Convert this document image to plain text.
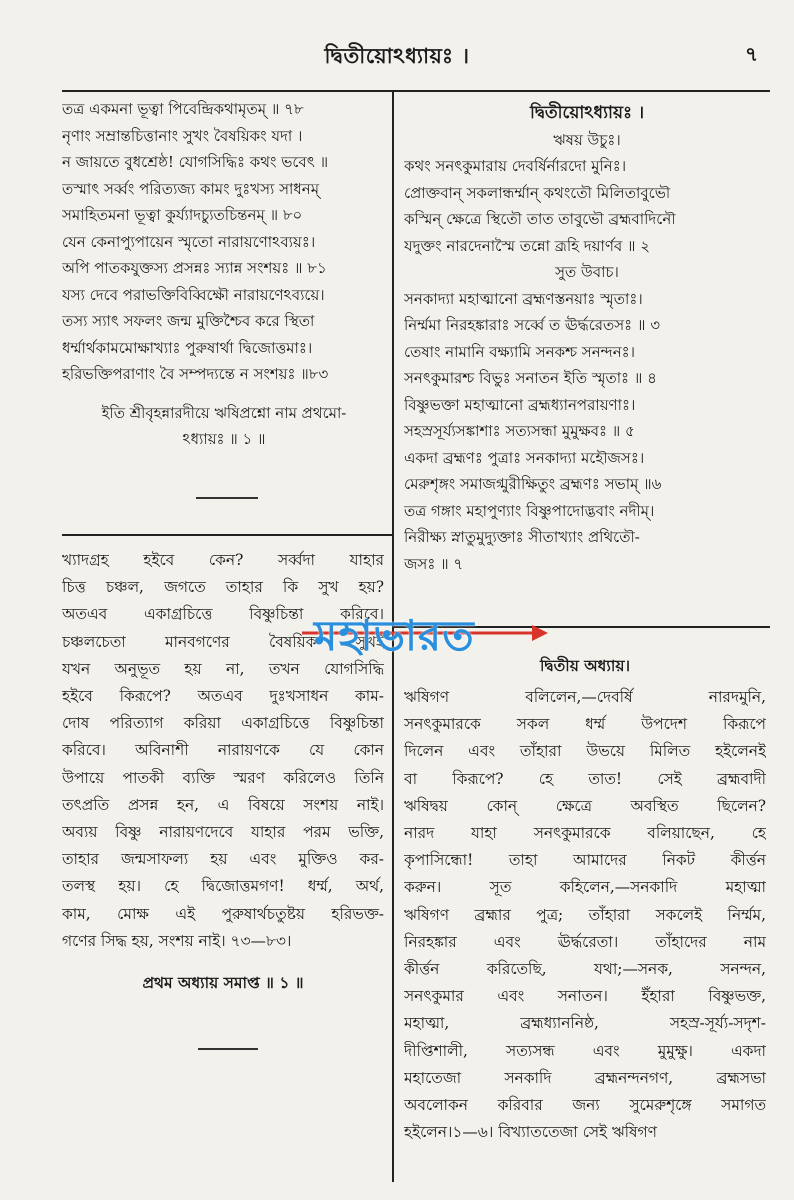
দ্বিতীয়োঽধ্যায়ঃ ।	৭
তত্র একমনা ভূত্বা পিবেন্দ্ৰিকথামৃতম্ ॥ ৭৮
নৃণাং সম্রান্তচিত্তানাং সুখং বৈষয়িকং যদা ।
ন জায়তে বুধশ্রেষ্ঠ! যোগসিদ্ধিঃ কথং ভবেৎ ॥
তস্মাৎ সর্ব্বং পরিত্যজ্য কামং দুঃখস্য সাধনম্
সমাহিতমনা ভূত্বা কুৰ্য্যাদচ্যুতচিন্তনম্ ॥ ৮০
যেন কেনাপ্যুপায়েন স্মৃতো নারায়ণোঽব্যয়ঃ।
অপি পাতকযুক্তস্য প্রসন্নঃ স্যান্ন সংশয়ঃ ॥ ৮১
যস্য দেবে পরাভক্তিবিব্বিক্ষৌ নারায়ণেঽব্যয়ে।
তস্য স্যাৎ সফলং জন্ম মুক্তিশ্চৈব করে স্থিতা
ধর্ম্মার্থকামমোক্ষাখ্যাঃ পুরুষার্থা দ্বিজোত্তমাঃ।
হরিভক্তিপরাণাং বৈ সম্পদ্যন্তে ন সংশয়ঃ ॥৮৩
ইতি শ্রীবৃহন্নারদীয়ে ঋষিপ্রশ্নো নাম প্রথমো-
ঽধ্যায়ঃ ॥ ১ ॥

খ্যাদগ্রহ হইবে কেন? সর্ব্বদা যাহার

চিত্ত চঞ্চল, জগতে তাহার কি সুখ হয়?

অতএব একাগ্রচিত্তে বিষ্ণুচিন্তা করিবে।

চঞ্চলচেতা মানবগণের বৈষয়িক সুখই

যখন অনুভূত হয় না, তখন যোগসিদ্ধি

হইবে কিরূপে? অতএব দুঃখসাধন কাম-

দোষ পরিত্যাগ করিয়া একাগ্রচিত্তে বিষ্ণুচিন্তা

করিবে। অবিনাশী নারায়ণকে যে কোন

উপায়ে পাতকী ব্যক্তি স্মরণ করিলেও তিনি

তৎপ্রতি প্রসন্ন হন, এ বিষয়ে সংশয় নাই।

অব্যয় বিষ্ণু নারায়ণদেবে যাহার পরম ভক্তি,

তাহার জন্মসাফল্য হয় এবং মুক্তিও কর-

তলস্থ হয়। হে দ্বিজোত্তমগণ! ধর্ম্ম, অর্থ,

কাম, মোক্ষ এই পুরুষার্থচতুষ্টয় হরিভক্ত-

গণের সিদ্ধ হয়, সংশয় নাই। ৭৩—৮৩।

প্রথম অধ্যায় সমাপ্ত ॥ ১ ॥
দ্বিতীয়োঽধ্যায়ঃ ।
ঋষয় উচুঃ।
কথং সনৎকুমারায় দেবর্ষির্নারদো মুনিঃ।
প্রোক্তবান্ সকলান্ধর্ম্মান্ কথংতৌ মিলিতাবুভৌ
কস্মিন্ ক্ষেত্রে স্থিতৌ তাত তাবুভৌ ব্রহ্মবাদিনৌ
যদুক্তং নারদেনাস্মৈ তন্নো ব্রূহি দয়ার্ণব ॥ ২
সুত উবাচ।
সনকাদ্যা মহাত্মানো ব্রহ্মণস্তনয়াঃ স্মৃতাঃ।
নির্ম্মমা নিরহঙ্কারাঃ সর্ব্বে ত ঊর্দ্ধরেতসঃ ॥ ৩
তেষাং নামানি বক্ষ্যামি সনকশ্চ সনন্দনঃ।
সনৎকুমারশ্চ বিভুঃ সনাতন ইতি স্মৃতাঃ ॥ ৪
বিষ্ণুভক্তা মহাত্মানো ব্রহ্মধ্যানপরায়ণাঃ।
সহস্রসূর্য্যসঙ্কাশাঃ সত্যসন্ধা মুমুক্ষবঃ ॥ ৫
একদা ব্রহ্মণঃ পুত্রাঃ সনকাদ্যা মহৌজসঃ।
মেরুশৃঙ্গং সমাজগ্মুরীক্ষিতুং ব্রহ্মণঃ সভাম্ ॥৬
তত্র গঙ্গাং মহাপুণ্যাং বিষ্ণুপাদোদ্ভবাং নদীম্।
নিরীক্ষ্য স্নাতুমুদ্যুক্তাঃ সীতাখ্যাং প্রথিতৌ-
জসঃ ॥ ৭
দ্বিতীয় অধ্যায়।

ঋষিগণ বলিলেন,—দেবর্ষি নারদমুনি,

সনৎকুমারকে সকল ধর্ম্ম উপদেশ কিরূপে

দিলেন এবং তাঁহারা উভয়ে মিলিত হইলেনই

বা কিরূপে? হে তাত! সেই ব্রহ্মবাদী

ঋষিদ্বয় কোন্ ক্ষেত্রে অবস্থিত ছিলেন?

নারদ যাহা সনৎকুমারকে বলিয়াছেন, হে

কৃপাসিন্ধো! তাহা আমাদের নিকট কীর্ত্তন

করুন। সূত কহিলেন,—সনকাদি মহাত্মা

ঋষিগণ ব্রহ্মার পুত্র; তাঁহারা সকলেই নির্ম্মম,

নিরহঙ্কার এবং ঊর্দ্ধরেতা। তাঁহাদের নাম

কীর্ত্তন করিতেছি, যথা;—সনক, সনন্দন,

সনৎকুমার এবং সনাতন। ইঁহারা বিষ্ণুভক্ত,

মহাত্মা, ব্রহ্মধ্যাননিষ্ঠ, সহস্র-সূর্য্য-সদৃশ-

দীপ্তিশালী, সত্যসন্ধ এবং মুমুক্ষু। একদা

মহাতেজা সনকাদি ব্রহ্মনন্দনগণ, ব্রহ্মসভা

অবলোকন করিবার জন্য সুমেরুশৃঙ্গে সমাগত

হইলেন।১—৬। বিখ্যাততেজা সেই ঋষিগণ

মহাভারত
